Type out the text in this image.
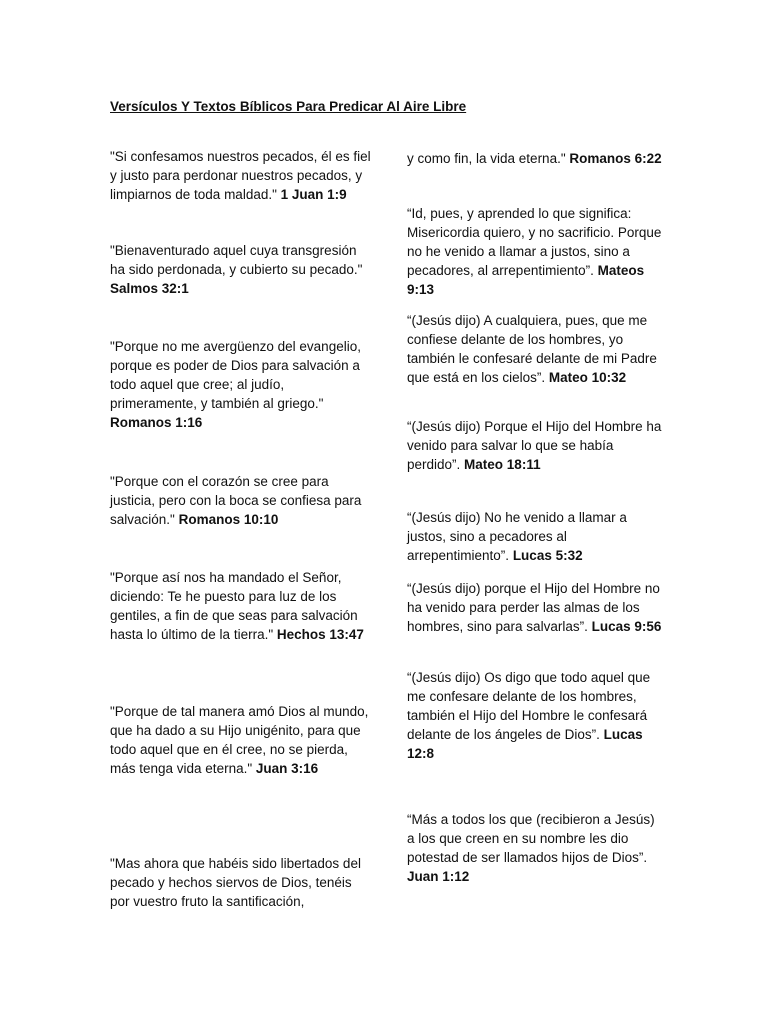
Versículos Y Textos Bíblicos Para Predicar Al Aire Libre

"Si confesamos nuestros pecados, él es fiel y justo para perdonar nuestros pecados, y limpiarnos de toda maldad." 1 Juan 1:9

"Bienaventurado aquel cuya transgresión ha sido perdonada, y cubierto su pecado." Salmos 32:1

"Porque no me avergüenzo del evangelio, porque es poder de Dios para salvación a todo aquel que cree; al judío, primeramente, y también al griego." Romanos 1:16

"Porque con el corazón se cree para justicia, pero con la boca se confiesa para salvación." Romanos 10:10

"Porque así nos ha mandado el Señor, diciendo: Te he puesto para luz de los gentiles, a fin de que seas para salvación hasta lo último de la tierra." Hechos 13:47

"Porque de tal manera amó Dios al mundo, que ha dado a su Hijo unigénito, para que todo aquel que en él cree, no se pierda, más tenga vida eterna." Juan 3:16

"Mas ahora que habéis sido libertados del pecado y hechos siervos de Dios, tenéis por vuestro fruto la santificación,

y como fin, la vida eterna." Romanos 6:22

“Id, pues, y aprended lo que significa: Misericordia quiero, y no sacrificio. Porque no he venido a llamar a justos, sino a pecadores, al arrepentimiento”. Mateos 9:13

“(Jesús dijo) A cualquiera, pues, que me confiese delante de los hombres, yo también le confesaré delante de mi Padre que está en los cielos”. Mateo 10:32

“(Jesús dijo) Porque el Hijo del Hombre ha venido para salvar lo que se había perdido”. Mateo 18:11

“(Jesús dijo) No he venido a llamar a justos, sino a pecadores al arrepentimiento”. Lucas 5:32

“(Jesús dijo) porque el Hijo del Hombre no ha venido para perder las almas de los hombres, sino para salvarlas”. Lucas 9:56

“(Jesús dijo) Os digo que todo aquel que me confesare delante de los hombres, también el Hijo del Hombre le confesará delante de los ángeles de Dios”. Lucas 12:8

“Más a todos los que (recibieron a Jesús) a los que creen en su nombre les dio potestad de ser llamados hijos de Dios”. Juan 1:12
